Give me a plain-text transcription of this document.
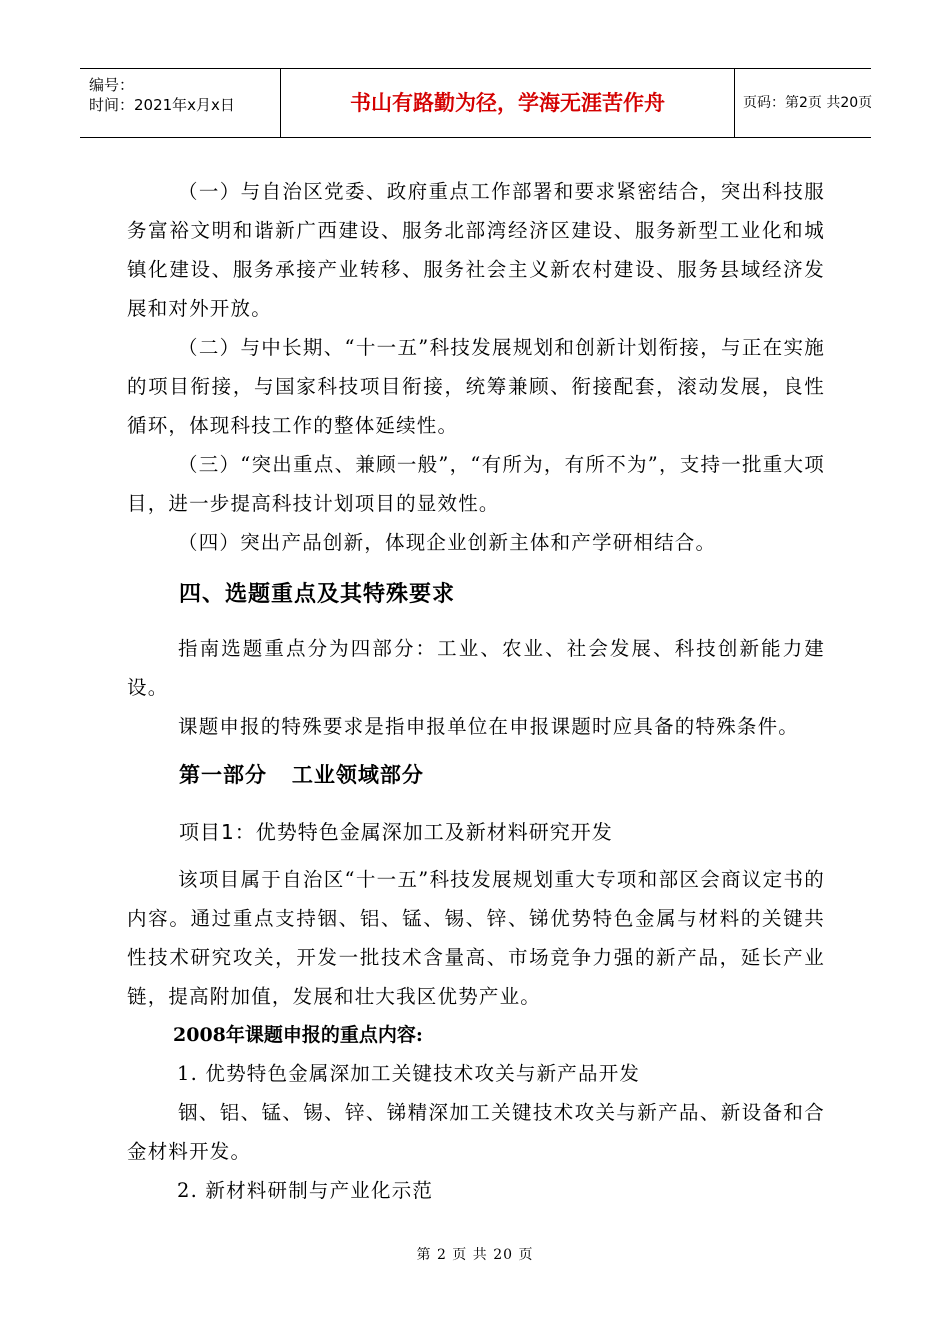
编号：
时间：2021年x月x日	书山有路勤为径，学海无涯苦作舟	页码：第2页 共20页

（一）与自治区党委、政府重点工作部署和要求紧密结合，突出科技服务富裕文明和谐新广西建设、服务北部湾经济区建设、服务新型工业化和城镇化建设、服务承接产业转移、服务社会主义新农村建设、服务县域经济发展和对外开放。

（二）与中长期、“十一五”科技发展规划和创新计划衔接，与正在实施的项目衔接，与国家科技项目衔接，统筹兼顾、衔接配套，滚动发展，良性循环，体现科技工作的整体延续性。

（三）“突出重点、兼顾一般”，“有所为，有所不为”，支持一批重大项目，进一步提高科技计划项目的显效性。

（四）突出产品创新，体现企业创新主体和产学研相结合。

四、选题重点及其特殊要求

指南选题重点分为四部分：工业、农业、社会发展、科技创新能力建设。

课题申报的特殊要求是指申报单位在申报课题时应具备的特殊条件。

第一部分   工业领域部分
项目1：优势特色金属深加工及新材料研究开发

该项目属于自治区“十一五”科技发展规划重大专项和部区会商议定书的内容。通过重点支持铟、铝、锰、锡、锌、锑优势特色金属与材料的关键共性技术研究攻关，开发一批技术含量高、市场竞争力强的新产品，延长产业链，提高附加值，发展和壮大我区优势产业。

2008年课题申报的重点内容:
1. 优势特色金属深加工关键技术攻关与新产品开发

铟、铝、锰、锡、锌、锑精深加工关键技术攻关与新产品、新设备和合金材料开发。

2. 新材料研制与产业化示范
第 2 页 共 20 页
